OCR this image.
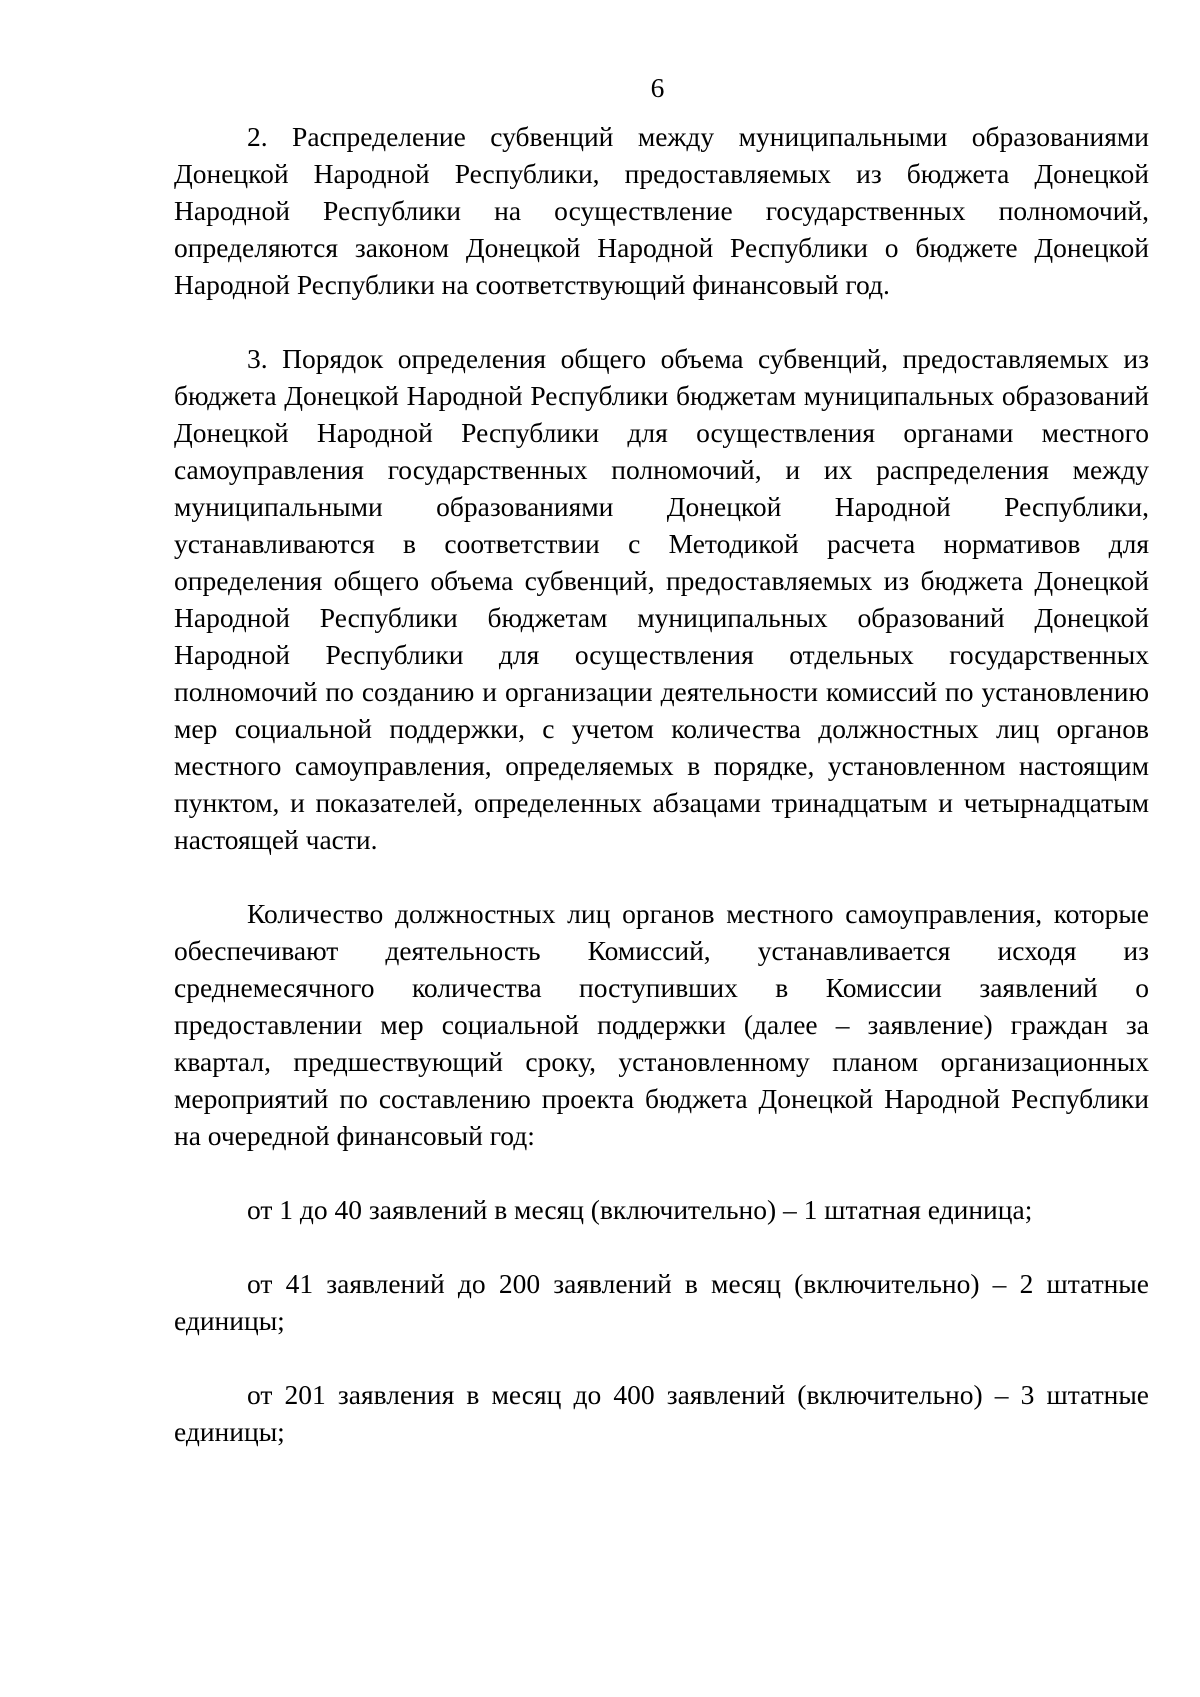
6

2. Распределение субвенций между муниципальными образованиями Донецкой Народной Республики, предоставляемых из бюджета Донецкой Народной Республики на осуществление государственных полномочий, определяются законом Донецкой Народной Республики о бюджете Донецкой Народной Республики на соответствующий финансовый год.

3. Порядок определения общего объема субвенций, предоставляемых из бюджета Донецкой Народной Республики бюджетам муниципальных образований Донецкой Народной Республики для осуществления органами местного самоуправления государственных полномочий, и их распределения между муниципальными образованиями Донецкой Народной Республики, устанавливаются в соответствии с Методикой расчета нормативов для определения общего объема субвенций, предоставляемых из бюджета Донецкой Народной Республики бюджетам муниципальных образований Донецкой Народной Республики для осуществления отдельных государственных полномочий по созданию и организации деятельности комиссий по установлению мер социальной поддержки, с учетом количества должностных лиц органов местного самоуправления, определяемых в порядке, установленном настоящим пунктом, и показателей, определенных абзацами тринадцатым и четырнадцатым настоящей части.

Количество должностных лиц органов местного самоуправления, которые обеспечивают деятельность Комиссий, устанавливается исходя из среднемесячного количества поступивших в Комиссии заявлений о предоставлении мер социальной поддержки (далее – заявление) граждан за квартал, предшествующий сроку, установленному планом организационных мероприятий по составлению проекта бюджета Донецкой Народной Республики на очередной финансовый год:

от 1 до 40 заявлений в месяц (включительно) – 1 штатная единица;

от 41 заявлений до 200 заявлений в месяц (включительно) – 2 штатные единицы;

от 201 заявления в месяц до 400 заявлений (включительно) – 3 штатные единицы;
